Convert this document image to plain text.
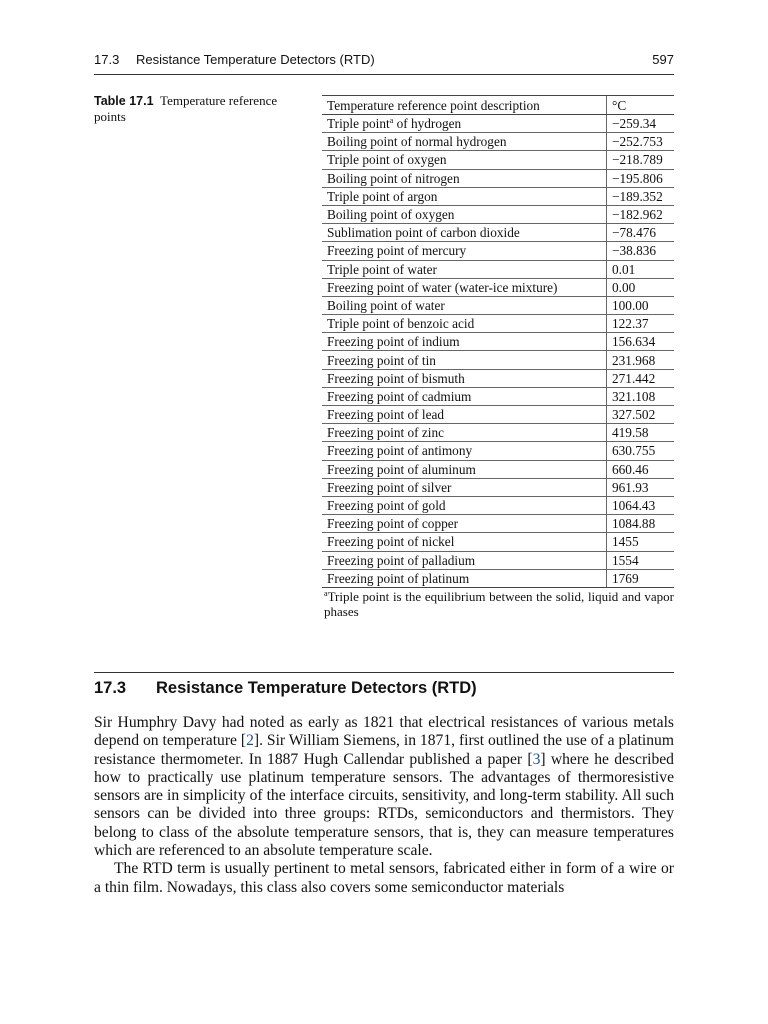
17.3 Resistance Temperature Detectors (RTD)	597
Table 17.1 Temperature reference points
Temperature reference point description	°C
Triple point$^a$ of hydrogen	−259.34
Boiling point of normal hydrogen	−252.753
Triple point of oxygen	−218.789
Boiling point of nitrogen	−195.806
Triple point of argon	−189.352
Boiling point of oxygen	−182.962
Sublimation point of carbon dioxide	−78.476
Freezing point of mercury	−38.836
Triple point of water	0.01
Freezing point of water (water-ice mixture)	0.00
Boiling point of water	100.00
Triple point of benzoic acid	122.37
Freezing point of indium	156.634
Freezing point of tin	231.968
Freezing point of bismuth	271.442
Freezing point of cadmium	321.108
Freezing point of lead	327.502
Freezing point of zinc	419.58
Freezing point of antimony	630.755
Freezing point of aluminum	660.46
Freezing point of silver	961.93
Freezing point of gold	1064.43
Freezing point of copper	1084.88
Freezing point of nickel	1455
Freezing point of palladium	1554
Freezing point of platinum	1769
$^a$Triple point is the equilibrium between the solid, liquid and vapor phases
17.3 Resistance Temperature Detectors (RTD)

Sir Humphry Davy had noted as early as 1821 that electrical resistances of various metals depend on temperature [2]. Sir William Siemens, in 1871, first outlined the use of a platinum resistance thermometer. In 1887 Hugh Callendar published a paper [3] where he described how to practically use platinum temperature sensors. The advantages of thermoresistive sensors are in simplicity of the interface circuits, sensitivity, and long-term stability. All such sensors can be divided into three groups: RTDs, semiconductors and thermistors. They belong to class of the absolute temperature sensors, that is, they can measure temperatures which are referenced to an absolute temperature scale.

The RTD term is usually pertinent to metal sensors, fabricated either in form of a wire or a thin film. Nowadays, this class also covers some semiconductor materials
